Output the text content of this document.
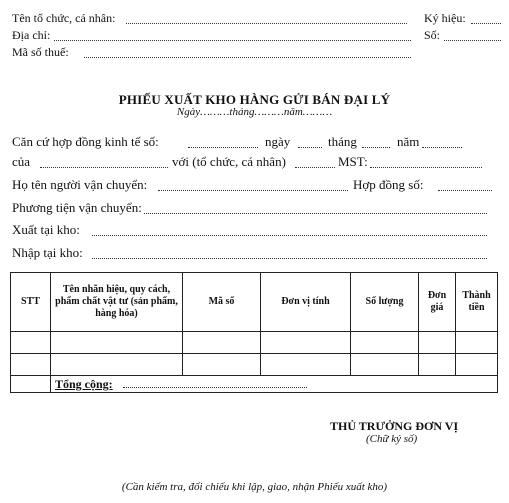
Tên tổ chức, cá nhân:	Ký hiệu:
Địa chỉ:	Số:
Mã số thuế:
PHIẾU XUẤT KHO HÀNG GỬI BÁN ĐẠI LÝ
Ngày………tháng………năm………
Căn cứ hợp đồng kinh tế số:	ngày	tháng	năm
của	với (tổ chức, cá nhân)	MST:
Họ tên người vận chuyển:	Hợp đồng số:
Phương tiện vận chuyển:
Xuất tại kho:
Nhập tại kho:
STT	Tên nhãn hiệu, quy cách, phẩm chất vật tư (sản phẩm, hàng hóa)	Mã số	Đơn vị tính	Số lượng	Đơn giá	Thành tiền

	Tổng cộng:					
THỦ TRƯỞNG ĐƠN VỊ
(Chữ ký số)
(Cần kiểm tra, đối chiếu khi lập, giao, nhận Phiếu xuất kho)
